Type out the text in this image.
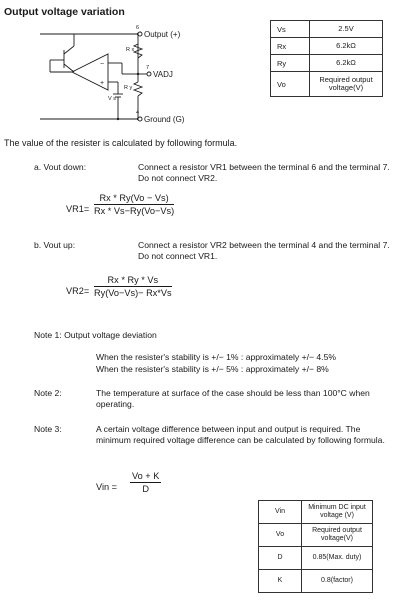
Output voltage variation
−
+
6
Output (+)
7
VADJ
4
Ground (G)
R x
R y
V s
Vs	2.5V
Rx	6.2kΩ
Ry	6.2kΩ
Vo	Required output voltage(V)
The value of the resister is calculated by following formula.
a. Vout down:	Connect a resistor VR1 between the terminal 6 and the terminal 7. Do not connect VR2.
$VR1= \frac{Rx * Ry(Vo - Vs)}{Rx * Vs-Ry(Vo-Vs)}$
b. Vout up:	Connect a resistor VR2 between the terminal 4 and the terminal 7. Do not connect VR1.
$VR2= \frac{Rx * Ry * Vs}{Ry(Vo-Vs)- Rx*Vs}$
Note 1: Output voltage deviation
When the resister's stability is +/− 1% : approximately +/− 4.5%
When the resister's stability is +/− 5% : approximately +/− 8%
Note 2:	The temperature at surface of the case should be less than 100°C when operating.
Note 3:	A certain voltage difference between input and output is required. The minimum required voltage difference can be calculated by following formula.
Vin = $\frac{Vo + K}{D}$
Vin	Minimum DC input voltage (V)
Vo	Required output voltage(V)
D	0.85(Max. duty)
K	0.8(factor)
